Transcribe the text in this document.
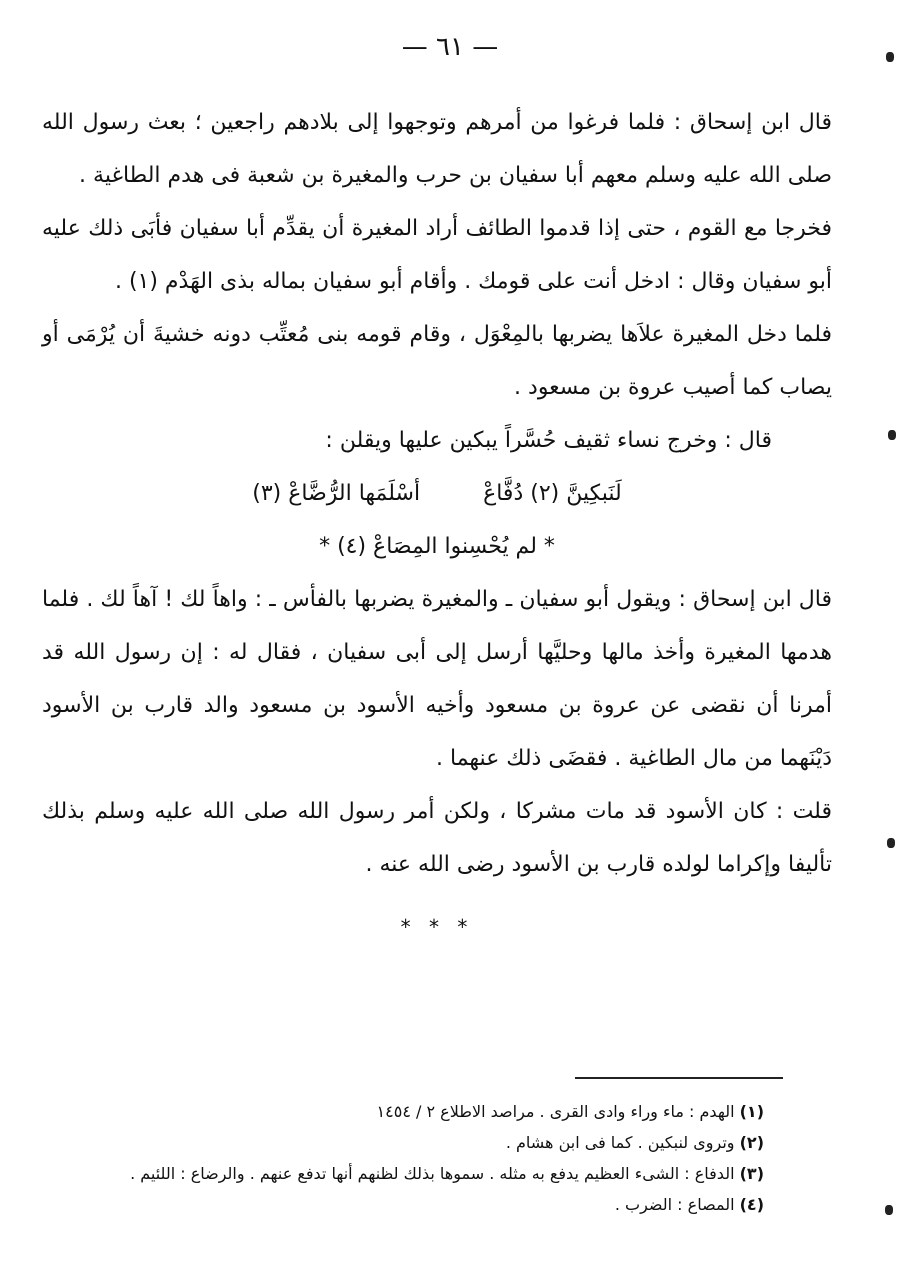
— ٦١ —

قال ابن إسحاق : فلما فرغوا من أمرهم وتوجهوا إلى بلادهم راجعين ؛ بعث رسول الله صلى الله عليه وسلم معهم أبا سفيان بن حرب والمغيرة بن شعبة فى هدم الطاغية .

فخرجا مع القوم ، حتى إذا قدموا الطائف أراد المغيرة أن يقدِّم أبا سفيان فأبَى ذلك عليه أبو سفيان وقال : ادخل أنت على قومك . وأقام أبو سفيان بماله بذى الهَدْم (١) .

فلما دخل المغيرة علاَها يضربها بالمِعْوَل ، وقام قومه بنى مُعتِّب دونه خشيةَ أن يُرْمَى أو يصاب كما أصيب عروة بن مسعود .

قال : وخرج نساء ثقيف حُسَّراً يبكين عليها ويقلن :

لَنَبكِينَّ (٢) دُفَّاعْ أسْلَمَها الرُّضَّاعْ (٣)
* لم يُحْسِنوا المِصَاعْ (٤) *

قال ابن إسحاق : ويقول أبو سفيان ـ والمغيرة يضربها بالفأس ـ : واهاً لك ! آهاً لك . فلما هدمها المغيرة وأخذ مالها وحليَّها أرسل إلى أبى سفيان ، فقال له : إن رسول الله قد أمرنا أن نقضى عن عروة بن مسعود وأخيه الأسود بن مسعود والد قارب بن الأسود دَيْنَهما من مال الطاغية . فقضَى ذلك عنهما .

قلت : كان الأسود قد مات مشركا ، ولكن أمر رسول الله صلى الله عليه وسلم بذلك تأليفا وإكراما لولده قارب بن الأسود رضى الله عنه .

* * *
(١) الهدم : ماء وراء وادى القرى . مراصد الاطلاع ٢ / ١٤٥٤
(٢) وتروى لنبكين . كما فى ابن هشام .
(٣) الدفاع : الشىء العظيم يدفع به مثله . سموها بذلك لظنهم أنها تدفع عنهم . والرضاع : اللئيم .
(٤) المصاع : الضرب .
